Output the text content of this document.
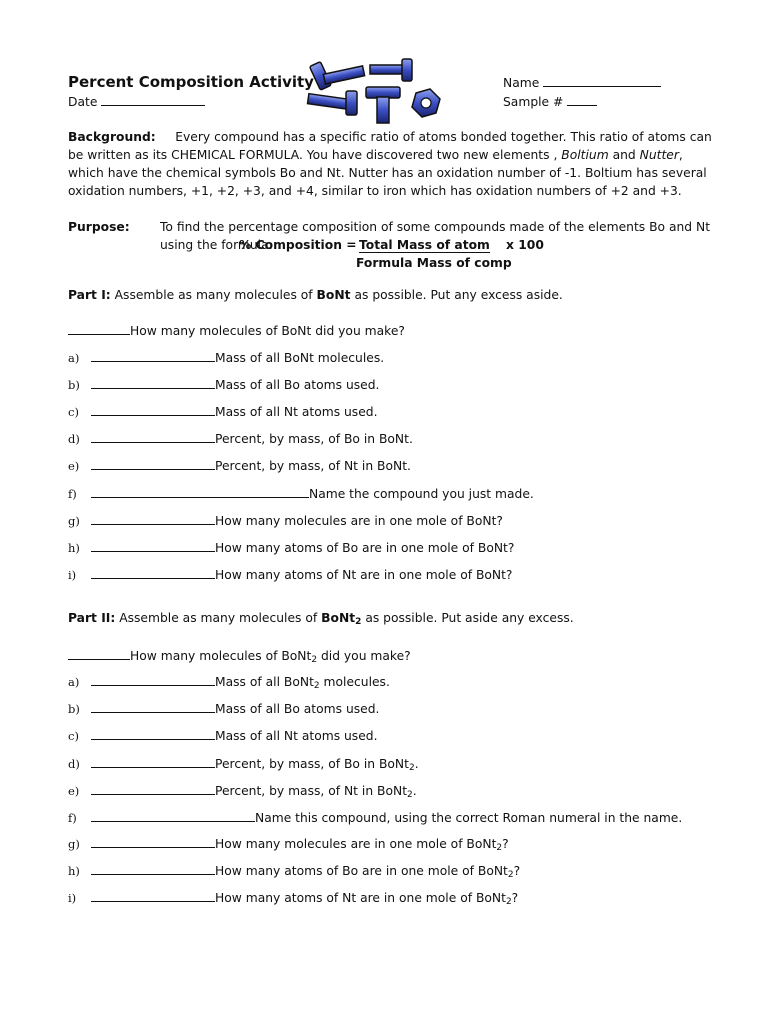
Percent Composition Activity
Date
Name
Sample #
Background: Every compound has a specific ratio of atoms bonded together. This ratio of atoms can be written as its CHEMICAL FORMULA. You have discovered two new elements , Boltium and Nutter, which have the chemical symbols Bo and Nt. Nutter has an oxidation number of -1. Boltium has several oxidation numbers, +1, +2, +3, and +4, similar to iron which has oxidation numbers of +2 and +3.
Purpose: To find the percentage composition of some compounds made of the elements Bo and Nt using the formula:
% Composition = Total Mass of atom x 100
Formula Mass of comp
Part I: Assemble as many molecules of BoNt as possible. Put any excess aside.
How many molecules of BoNt did you make?
a)	Mass of all BoNt molecules.
b)	Mass of all Bo atoms used.
c)	Mass of all Nt atoms used.
d)	Percent, by mass, of Bo in BoNt.
e)	Percent, by mass, of Nt in BoNt.
f)	Name the compound you just made.
g)	How many molecules are in one mole of BoNt?
h)	How many atoms of Bo are in one mole of BoNt?
i)	How many atoms of Nt are in one mole of BoNt?
Part II: Assemble as many molecules of BoNt$_2$ as possible. Put aside any excess.
How many molecules of BoNt$_2$ did you make?
a)	Mass of all BoNt$_2$ molecules.
b)	Mass of all Bo atoms used.
c)	Mass of all Nt atoms used.
d)	Percent, by mass, of Bo in BoNt$_2$.
e)	Percent, by mass, of Nt in BoNt$_2$.
f)	Name this compound, using the correct Roman numeral in the name.
g)	How many molecules are in one mole of BoNt$_2$?
h)	How many atoms of Bo are in one mole of BoNt$_2$?
i)	How many atoms of Nt are in one mole of BoNt$_2$?
